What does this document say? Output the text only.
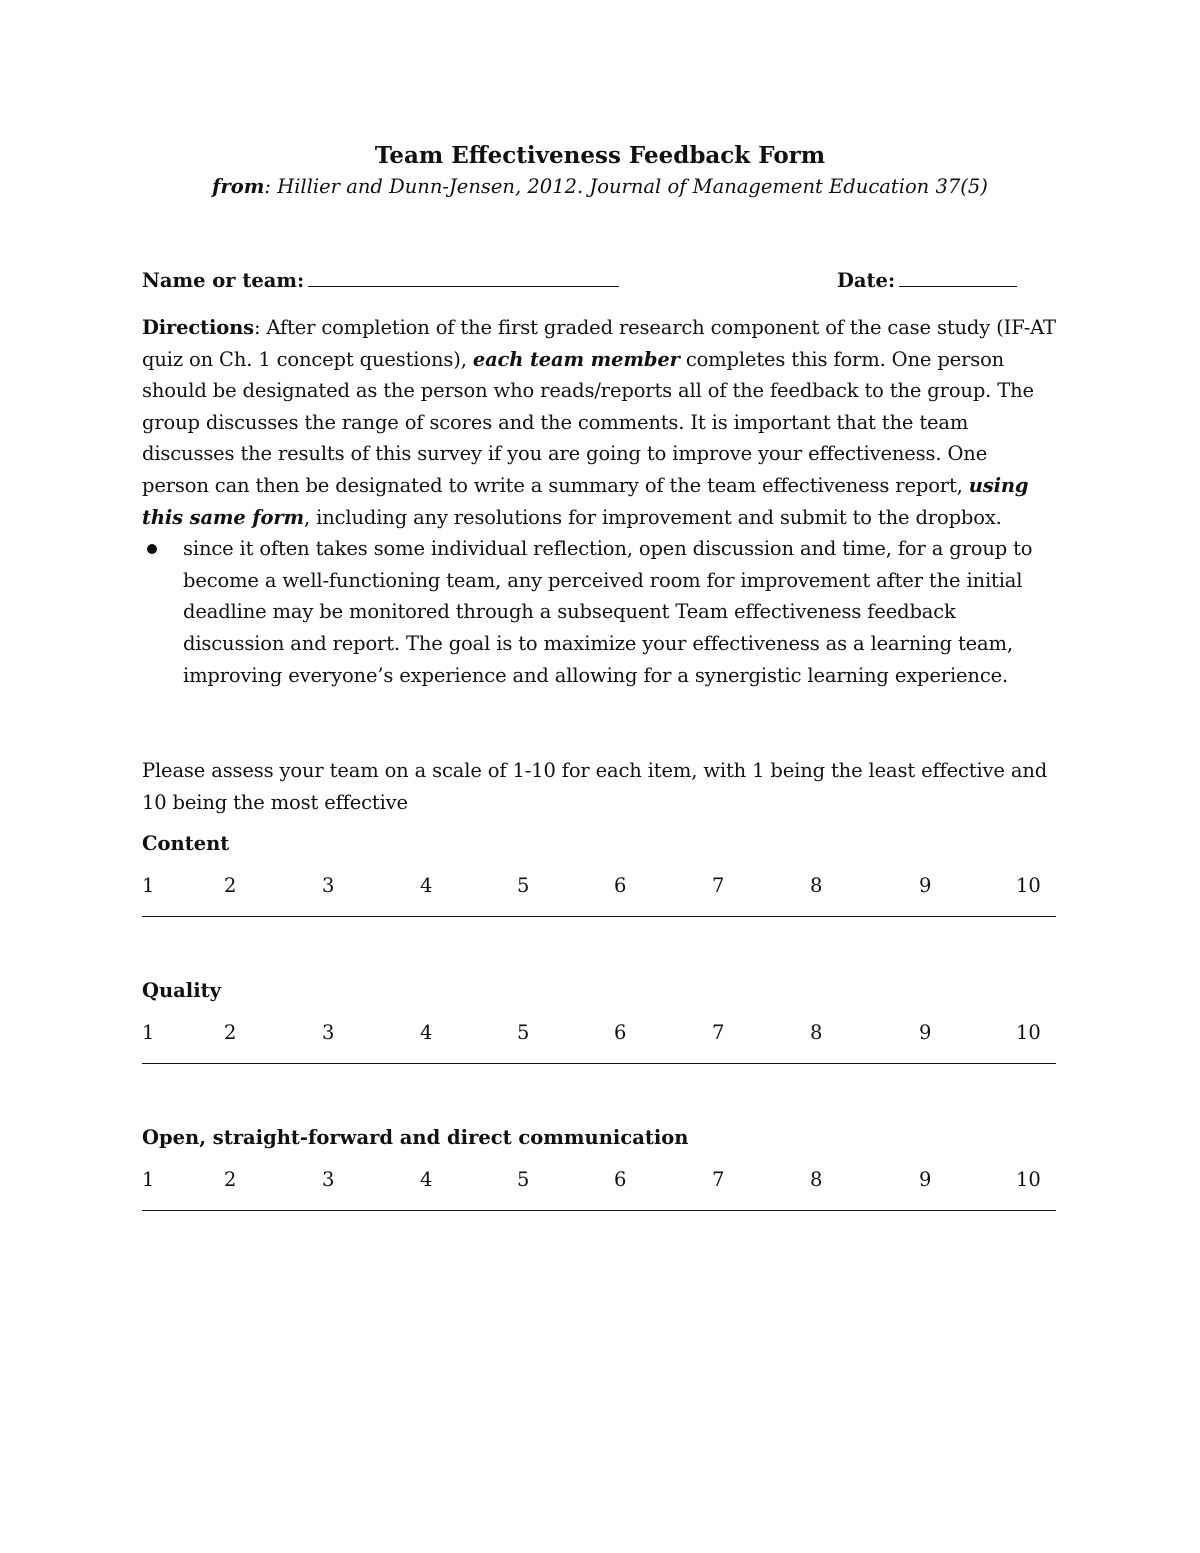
Team Effectiveness Feedback Form

from: Hillier and Dunn-Jensen, 2012. Journal of Management Education 37(5)

Name or team:	Date:

Directions: After completion of the first graded research component of the case study (IF-AT quiz on Ch. 1 concept questions), each team member completes this form. One person should be designated as the person who reads/reports all of the feedback to the group. The group discusses the range of scores and the comments. It is important that the team discusses the results of this survey if you are going to improve your effectiveness. One person can then be designated to write a summary of the team effectiveness report, using this same form, including any resolutions for improvement and submit to the dropbox.

since it often takes some individual reflection, open discussion and time, for a group to become a well-functioning team, any perceived room for improvement after the initial deadline may be monitored through a subsequent Team effectiveness feedback discussion and report. The goal is to maximize your effectiveness as a learning team, improving everyone’s experience and allowing for a synergistic learning experience.

Please assess your team on a scale of 1-10 for each item, with 1 being the least effective and 10 being the most effective

Content

1	2	3	4	5	6	7	8	9	10

Quality

1	2	3	4	5	6	7	8	9	10

Open, straight-forward and direct communication

1	2	3	4	5	6	7	8	9	10
